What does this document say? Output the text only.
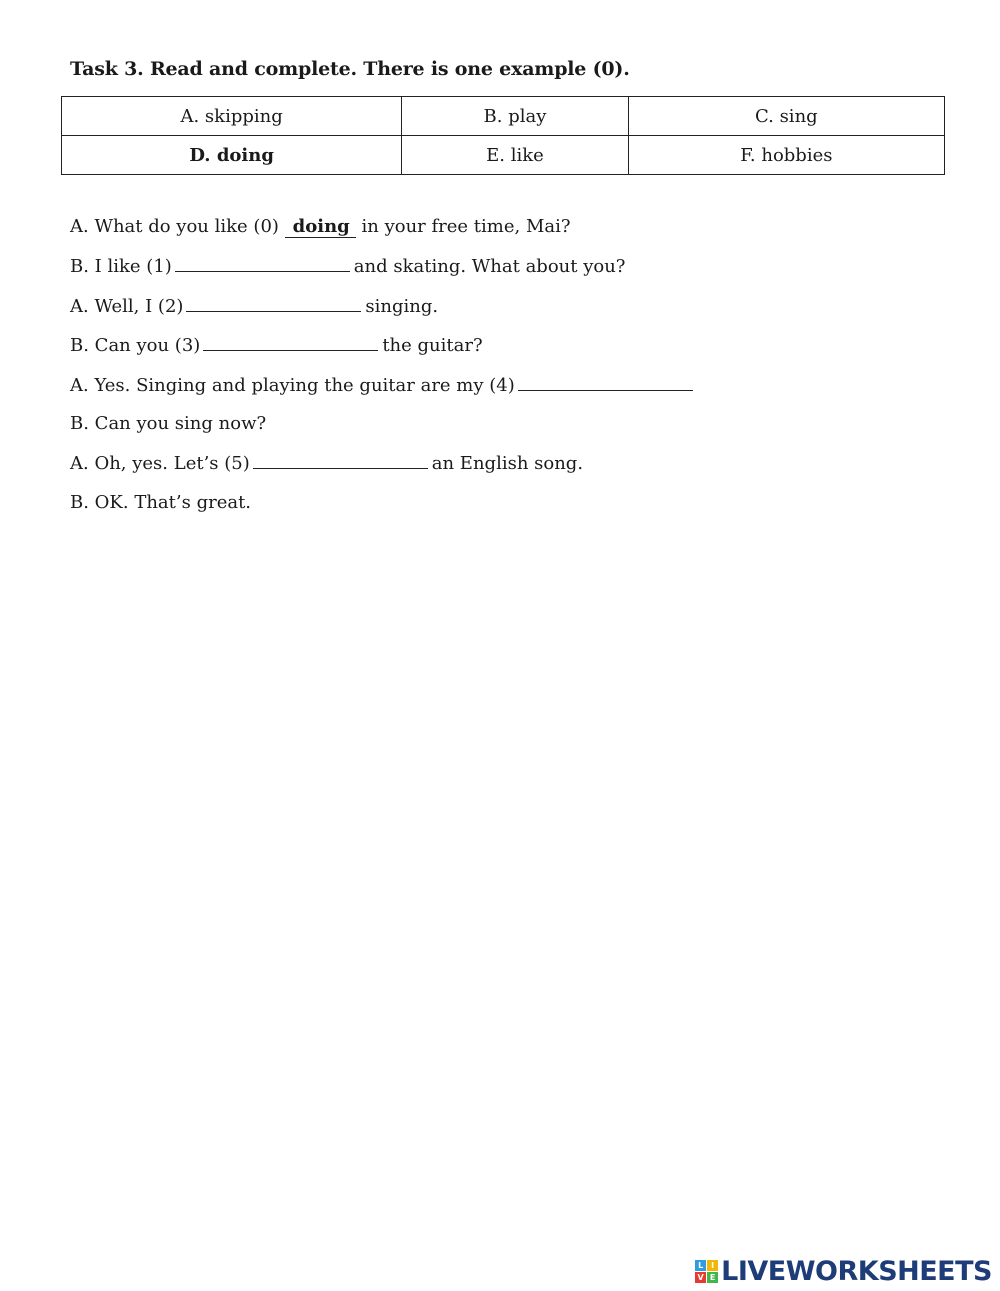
Task 3. Read and complete. There is one example (0).
A. skipping	B. play	C. sing
D. doing	E. like	F. hobbies
A. What do you like (0) doing in your free time, Mai?
B. I like (1)	and skating. What about you?
A. Well, I (2)	singing.
B. Can you (3)	the guitar?
A. Yes. Singing and playing the guitar are my (4)
B. Can you sing now?
A. Oh, yes. Let’s (5)	an English song.
B. OK. That’s great.
L I
V E LIVEWORKSHEETS
